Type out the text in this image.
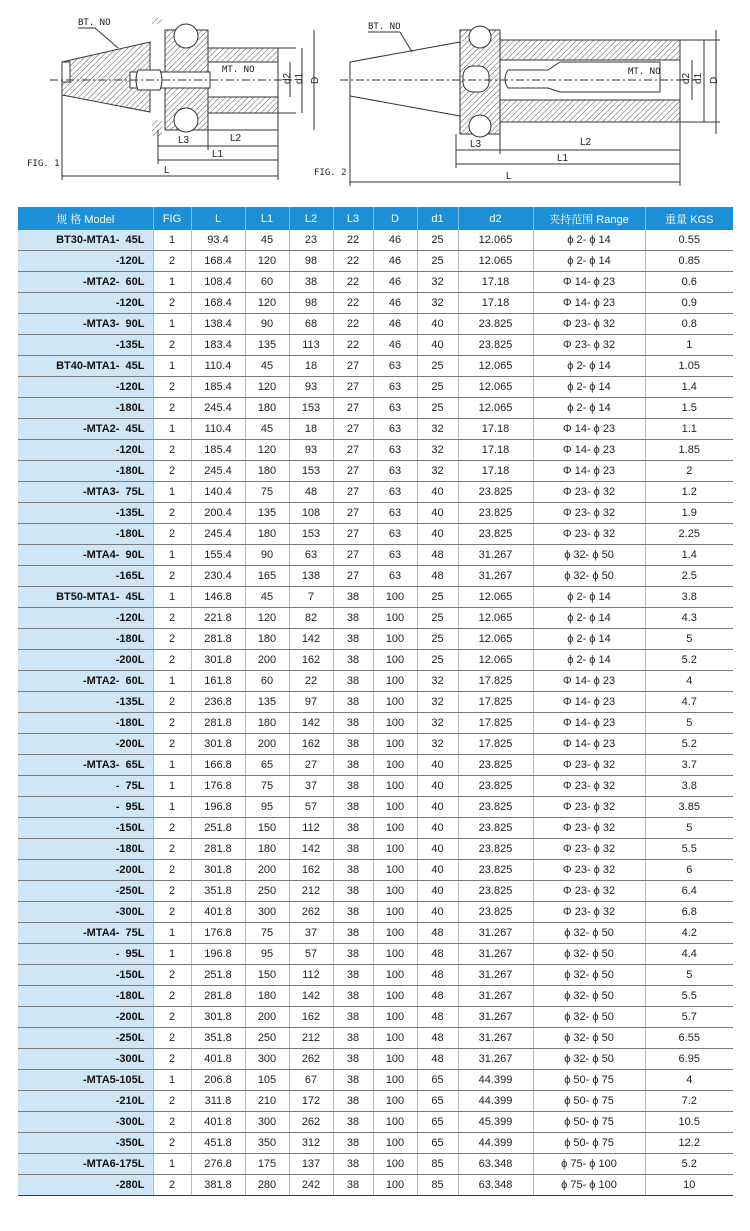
BT. NO
MT. NO
d2 d1 D
L3	L2
L1
L
FIG. 1
BT. NO
MT. NO
d2 d1 D
L3	L2
L1
L
FIG. 2
规 格 Model	FIG	L	L1	L2	L3	D	d1	d2	夹持范围 Range	重量 KGS
BT30-MTA1-  45L	1	93.4	45	23	22	46	25	12.065	ϕ 2- ϕ 14	0.55
-120L	2	168.4	120	98	22	46	25	12.065	ϕ 2- ϕ 14	0.85
-MTA2-  60L	1	108.4	60	38	22	46	32	17.18	Φ 14- ϕ 23	0.6
-120L	2	168.4	120	98	22	46	32	17.18	Φ 14- ϕ 23	0.9
-MTA3-  90L	1	138.4	90	68	22	46	40	23.825	Φ 23- ϕ 32	0.8
-135L	2	183.4	135	113	22	46	40	23.825	Φ 23- ϕ 32	1
BT40-MTA1-  45L	1	110.4	45	18	27	63	25	12.065	ϕ 2- ϕ 14	1.05
-120L	2	185.4	120	93	27	63	25	12.065	ϕ 2- ϕ 14	1.4
-180L	2	245.4	180	153	27	63	25	12.065	ϕ 2- ϕ 14	1.5
-MTA2-  45L	1	110.4	45	18	27	63	32	17.18	Φ 14- ϕ 23	1.1
-120L	2	185.4	120	93	27	63	32	17.18	Φ 14- ϕ 23	1.85
-180L	2	245.4	180	153	27	63	32	17.18	Φ 14- ϕ 23	2
-MTA3-  75L	1	140.4	75	48	27	63	40	23.825	Φ 23- ϕ 32	1.2
-135L	2	200.4	135	108	27	63	40	23.825	Φ 23- ϕ 32	1.9
-180L	2	245.4	180	153	27	63	40	23.825	Φ 23- ϕ 32	2.25
-MTA4-  90L	1	155.4	90	63	27	63	48	31.267	ϕ 32- ϕ 50	1.4
-165L	2	230.4	165	138	27	63	48	31.267	ϕ 32- ϕ 50	2.5
BT50-MTA1-  45L	1	146.8	45	7	38	100	25	12.065	ϕ 2- ϕ 14	3.8
-120L	2	221.8	120	82	38	100	25	12.065	ϕ 2- ϕ 14	4.3
-180L	2	281.8	180	142	38	100	25	12.065	ϕ 2- ϕ 14	5
-200L	2	301.8	200	162	38	100	25	12.065	ϕ 2- ϕ 14	5.2
-MTA2-  60L	1	161.8	60	22	38	100	32	17.825	Φ 14- ϕ 23	4
-135L	2	236.8	135	97	38	100	32	17.825	Φ 14- ϕ 23	4.7
-180L	2	281.8	180	142	38	100	32	17.825	Φ 14- ϕ 23	5
-200L	2	301.8	200	162	38	100	32	17.825	Φ 14- ϕ 23	5.2
-MTA3-  65L	1	166.8	65	27	38	100	40	23.825	Φ 23- ϕ 32	3.7
-  75L	1	176.8	75	37	38	100	40	23.825	Φ 23- ϕ 32	3.8
-  95L	1	196.8	95	57	38	100	40	23.825	Φ 23- ϕ 32	3.85
-150L	2	251.8	150	112	38	100	40	23.825	Φ 23- ϕ 32	5
-180L	2	281.8	180	142	38	100	40	23.825	Φ 23- ϕ 32	5.5
-200L	2	301.8	200	162	38	100	40	23.825	Φ 23- ϕ 32	6
-250L	2	351.8	250	212	38	100	40	23.825	Φ 23- ϕ 32	6.4
-300L	2	401.8	300	262	38	100	40	23.825	Φ 23- ϕ 32	6.8
-MTA4-  75L	1	176.8	75	37	38	100	48	31.267	ϕ 32- ϕ 50	4.2
-  95L	1	196.8	95	57	38	100	48	31.267	ϕ 32- ϕ 50	4.4
-150L	2	251.8	150	112	38	100	48	31.267	ϕ 32- ϕ 50	5
-180L	2	281.8	180	142	38	100	48	31.267	ϕ 32- ϕ 50	5.5
-200L	2	301.8	200	162	38	100	48	31.267	ϕ 32- ϕ 50	5.7
-250L	2	351.8	250	212	38	100	48	31.267	ϕ 32- ϕ 50	6.55
-300L	2	401.8	300	262	38	100	48	31.267	ϕ 32- ϕ 50	6.95
-MTA5-105L	1	206.8	105	67	38	100	65	44.399	ϕ 50- ϕ 75	4
-210L	2	311.8	210	172	38	100	65	44.399	ϕ 50- ϕ 75	7.2
-300L	2	401.8	300	262	38	100	65	45.399	ϕ 50- ϕ 75	10.5
-350L	2	451.8	350	312	38	100	65	44.399	ϕ 50- ϕ 75	12.2
-MTA6-175L	1	276.8	175	137	38	100	85	63.348	ϕ 75- ϕ 100	5.2
-280L	2	381.8	280	242	38	100	85	63.348	ϕ 75- ϕ 100	10
